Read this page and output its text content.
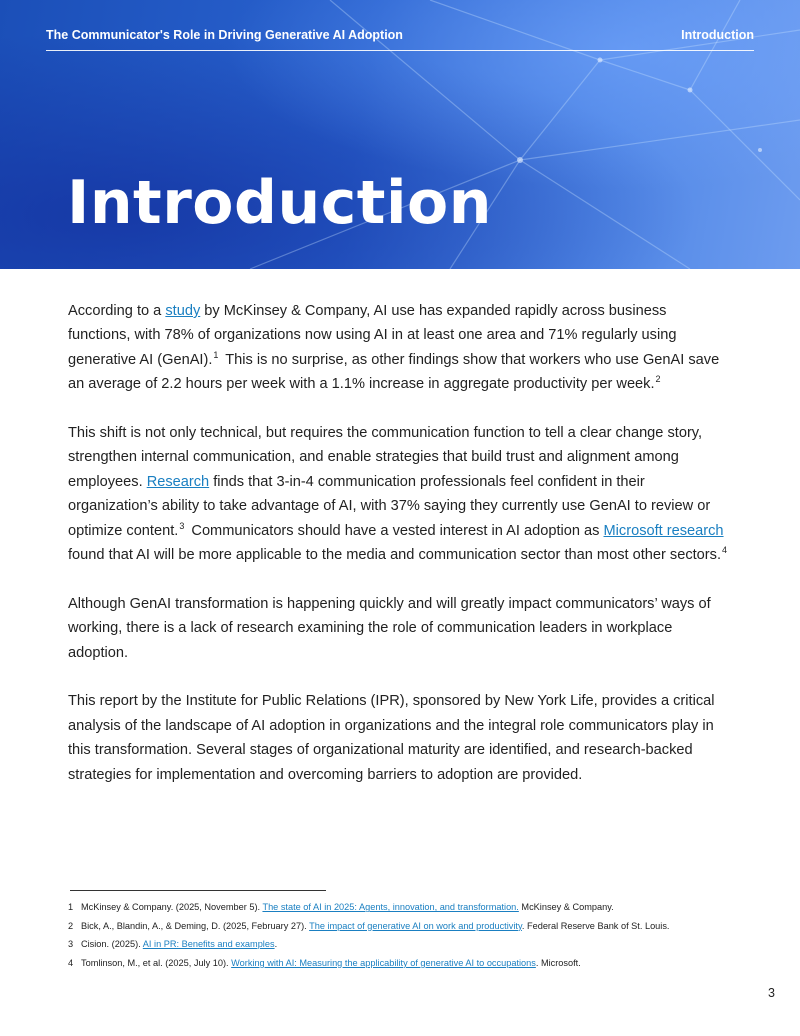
The Communicator's Role in Driving Generative AI Adoption	Introduction
Introduction

According to a study by McKinsey & Company, AI use has expanded rapidly across business functions, with 78% of organizations now using AI in at least one area and 71% regularly using generative AI (GenAI).$^1$ This is no surprise, as other findings show that workers who use GenAI save an average of 2.2 hours per week with a 1.1% increase in aggregate productivity per week.$^2$

This shift is not only technical, but requires the communication function to tell a clear change story, strengthen internal communication, and enable strategies that build trust and alignment among employees. Research finds that 3-in-4 communication professionals feel confident in their organization’s ability to take advantage of AI, with 37% saying they currently use GenAI to review or optimize content.$^3$ Communicators should have a vested interest in AI adoption as Microsoft research found that AI will be more applicable to the media and communication sector than most other sectors.$^4$

Although GenAI transformation is happening quickly and will greatly impact communicators’ ways of working, there is a lack of research examining the role of communication leaders in workplace adoption.

This report by the Institute for Public Relations (IPR), sponsored by New York Life, provides a critical analysis of the landscape of AI adoption in organizations and the integral role communicators play in this transformation. Several stages of organizational maturity are identified, and research-backed strategies for implementation and overcoming barriers to adoption are provided.

1 McKinsey & Company. (2025, November 5). The state of AI in 2025: Agents, innovation, and transformation. McKinsey & Company.
2 Bick, A., Blandin, A., & Deming, D. (2025, February 27). The impact of generative AI on work and productivity. Federal Reserve Bank of St. Louis.
3 Cision. (2025). AI in PR: Benefits and examples.
4 Tomlinson, M., et al. (2025, July 10). Working with AI: Measuring the applicability of generative AI to occupations. Microsoft.
3
